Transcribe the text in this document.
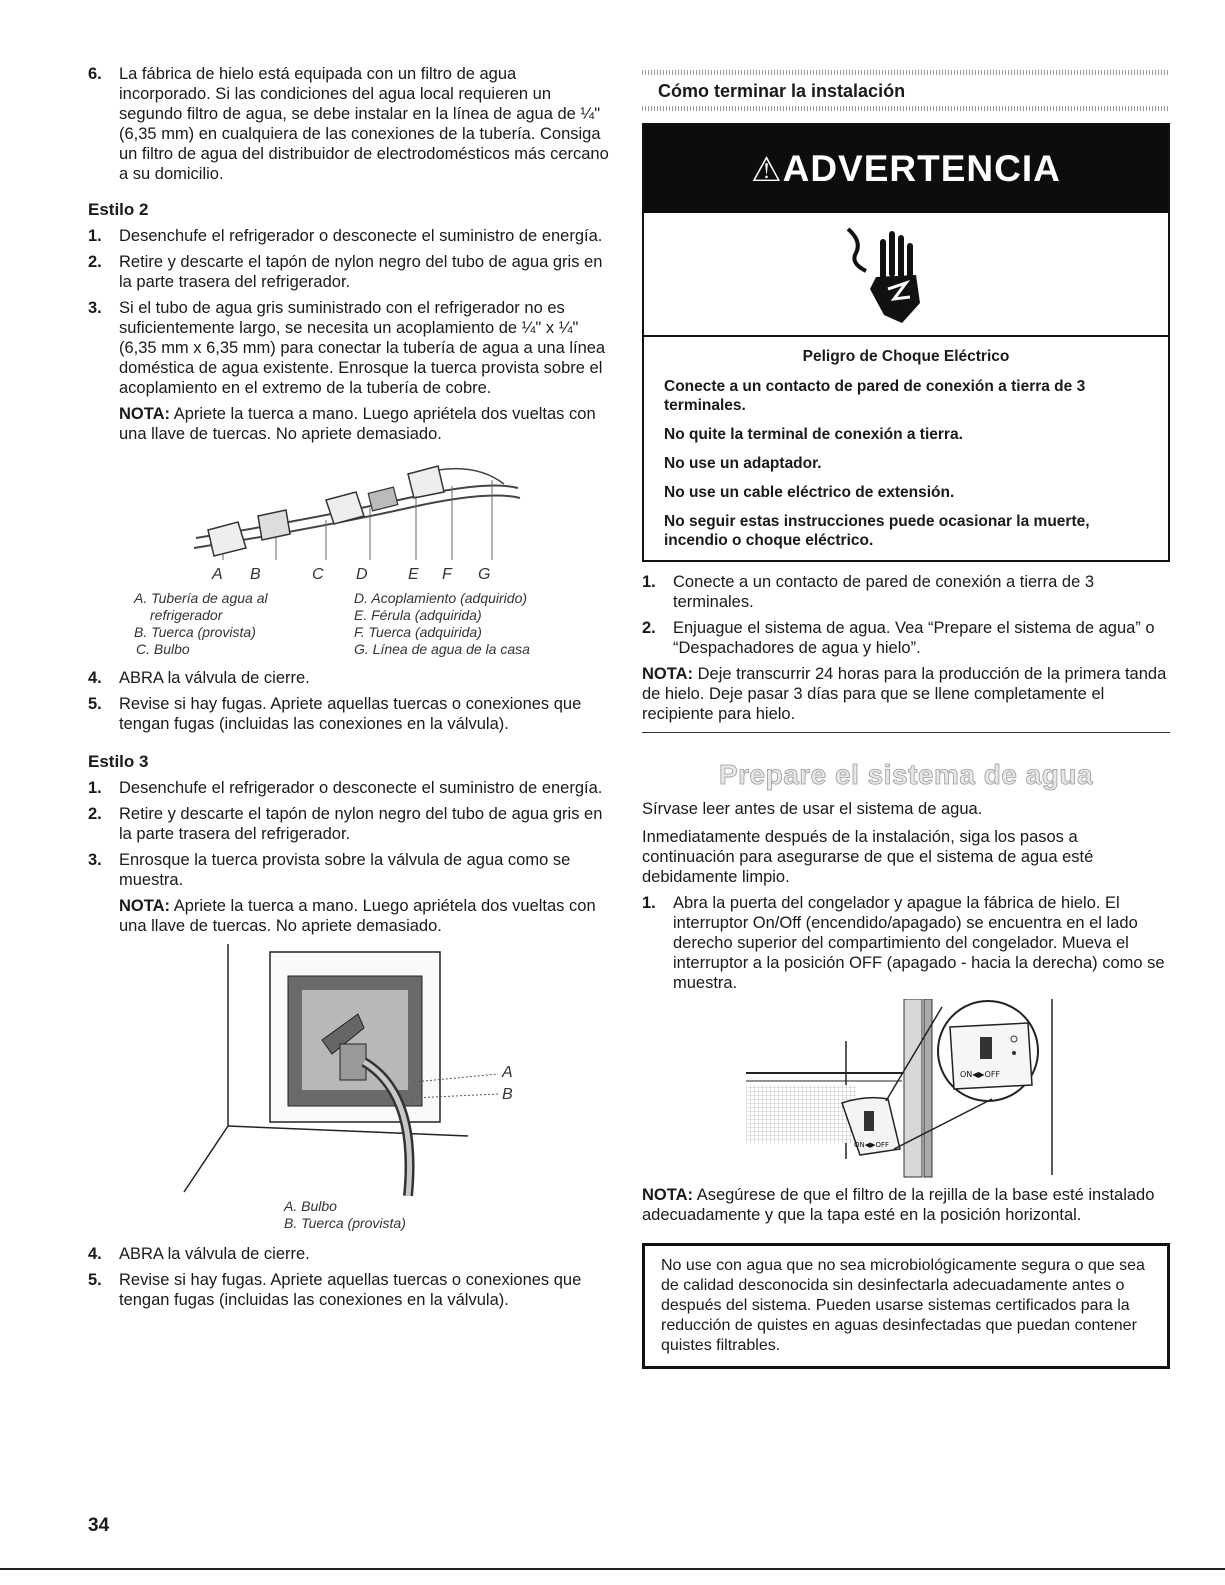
6. La fábrica de hielo está equipada con un filtro de agua incorporado. Si las condiciones del agua local requieren un segundo filtro de agua, se debe instalar en la línea de agua de ¼" (6,35 mm) en cualquiera de las conexiones de la tubería. Consiga un filtro de agua del distribuidor de electrodomésticos más cercano a su domicilio.
Estilo 2
1. Desenchufe el refrigerador o desconecte el suministro de energía.
2. Retire y descarte el tapón de nylon negro del tubo de agua gris en la parte trasera del refrigerador.
3. Si el tubo de agua gris suministrado con el refrigerador no es suficientemente largo, se necesita un acoplamiento de ¼" x ¼" (6,35 mm x 6,35 mm) para conectar la tubería de agua a una línea doméstica de agua existente. Enrosque la tuerca provista sobre el acoplamiento en el extremo de la tubería de cobre.

NOTA: Apriete la tuerca a mano. Luego apriétela dos vueltas con una llave de tuercas. No apriete demasiado.

A B	C D	E F G
A. Tubería de agua al
refrigerador
B. Tuerca (provista)
C. Bulbo
D. Acoplamiento (adquirido)
E. Férula (adquirida)
F. Tuerca (adquirida)
G. Línea de agua de la casa
4. ABRA la válvula de cierre.
5. Revise si hay fugas. Apriete aquellas tuercas o conexiones que tengan fugas (incluidas las conexiones en la válvula).
Estilo 3
1. Desenchufe el refrigerador o desconecte el suministro de energía.
2. Retire y descarte el tapón de nylon negro del tubo de agua gris en la parte trasera del refrigerador.
3. Enrosque la tuerca provista sobre la válvula de agua como se muestra.

NOTA: Apriete la tuerca a mano. Luego apriétela dos vueltas con una llave de tuercas. No apriete demasiado.

A
B
A. Bulbo
B. Tuerca (provista)
4. ABRA la válvula de cierre.
5. Revise si hay fugas. Apriete aquellas tuercas o conexiones que tengan fugas (incluidas las conexiones en la válvula).
Cómo terminar la instalación
⚠ADVERTENCIA
Peligro de Choque Eléctrico

Conecte a un contacto de pared de conexión a tierra de 3 terminales.

No quite la terminal de conexión a tierra.

No use un adaptador.

No use un cable eléctrico de extensión.

No seguir estas instrucciones puede ocasionar la muerte, incendio o choque eléctrico.

1. Conecte a un contacto de pared de conexión a tierra de 3 terminales.
2. Enjuague el sistema de agua. Vea “Prepare el sistema de agua” o “Despachadores de agua y hielo”.

NOTA: Deje transcurrir 24 horas para la producción de la primera tanda de hielo. Deje pasar 3 días para que se llene completamente el recipiente para hielo.

Prepare el sistema de agua

Sírvase leer antes de usar el sistema de agua.

Inmediatamente después de la instalación, siga los pasos a continuación para asegurarse de que el sistema de agua esté debidamente limpio.

1. Abra la puerta del congelador y apague la fábrica de hielo. El interruptor On/Off (encendido/apagado) se encuentra en el lado derecho superior del compartimiento del congelador. Mueva el interruptor a la posición OFF (apagado - hacia la derecha) como se muestra.
ON◀▶OFF
ON◀▶OFF

NOTA: Asegúrese de que el filtro de la rejilla de la base esté instalado adecuadamente y que la tapa esté en la posición horizontal.

No use con agua que no sea microbiológicamente segura o que sea de calidad desconocida sin desinfectarla adecuadamente antes o después del sistema. Pueden usarse sistemas certificados para la reducción de quistes en aguas desinfectadas que puedan contener quistes filtrables.
34
